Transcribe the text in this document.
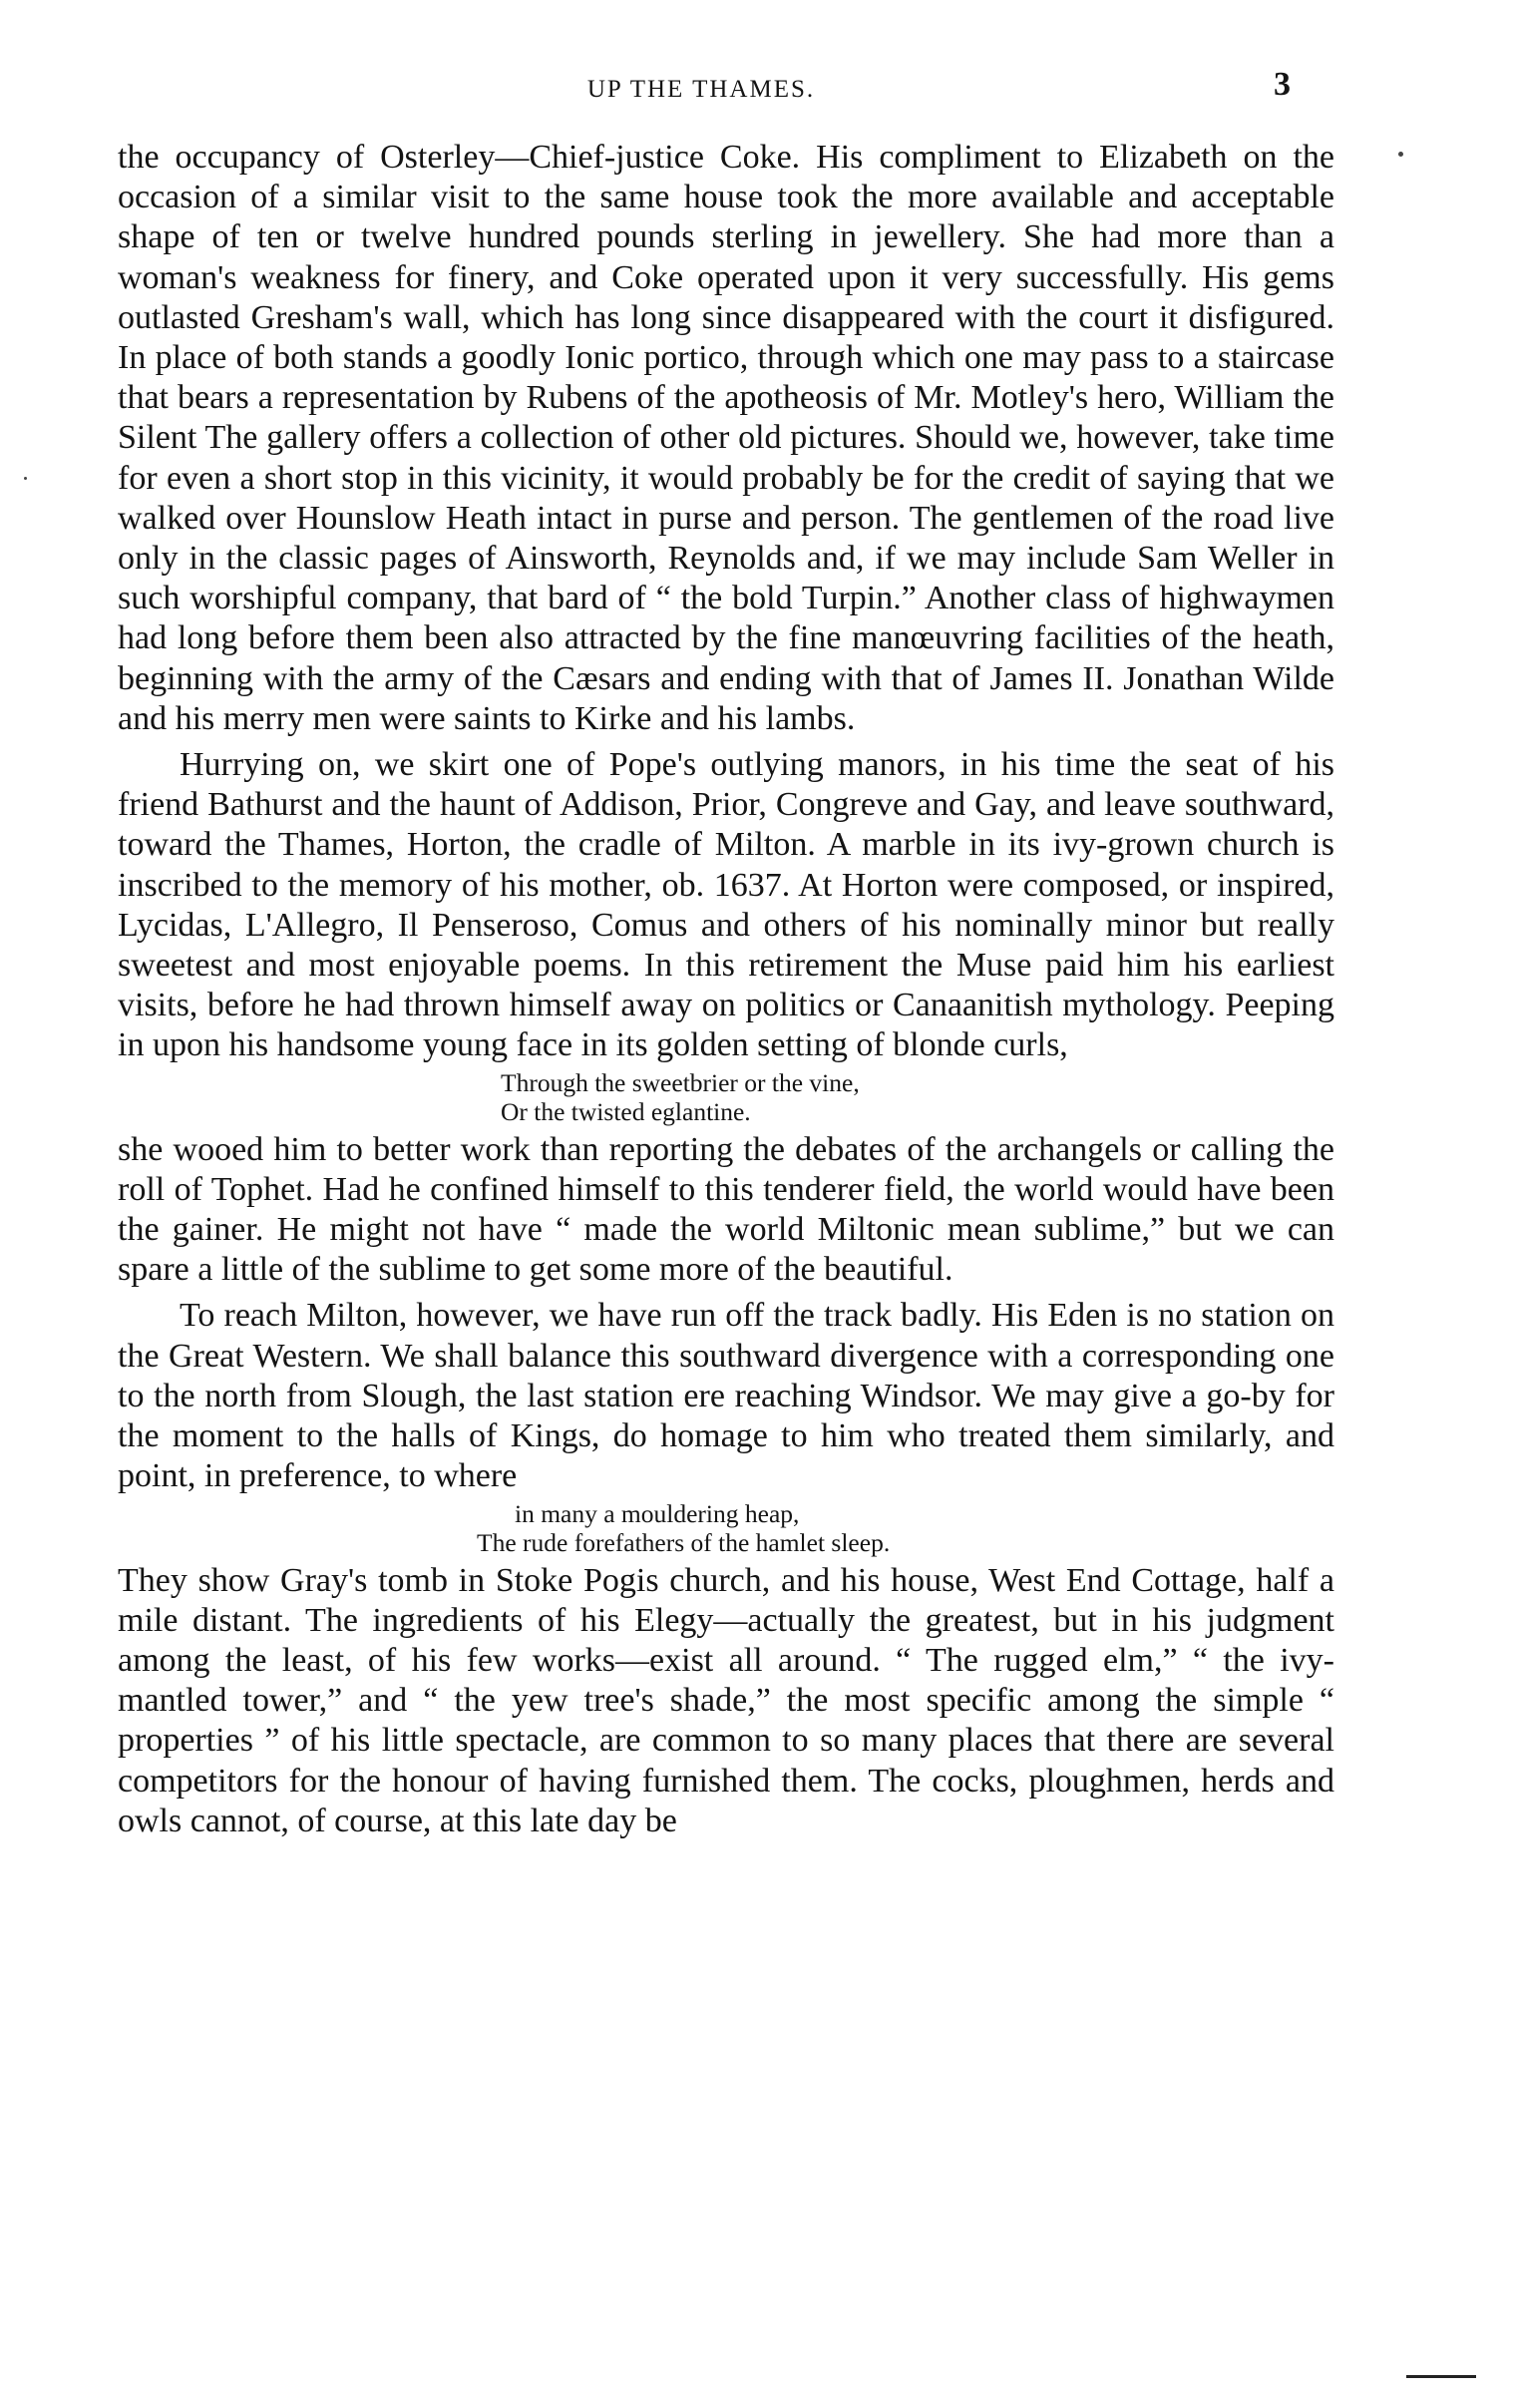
UP THE THAMES.	3

the occupancy of Osterley—Chief-justice Coke. His compliment to Elizabeth on the occasion of a similar visit to the same house took the more available and acceptable shape of ten or twelve hundred pounds sterling in jewellery. She had more than a woman's weakness for finery, and Coke operated upon it very successfully. His gems outlasted Gresham's wall, which has long since disappeared with the court it disfigured. In place of both stands a goodly Ionic portico, through which one may pass to a staircase that bears a representation by Rubens of the apotheosis of Mr. Motley's hero, William the Silent The gallery offers a collection of other old pictures. Should we, however, take time for even a short stop in this vicinity, it would probably be for the credit of saying that we walked over Hounslow Heath intact in purse and person. The gentlemen of the road live only in the classic pages of Ainsworth, Reynolds and, if we may include Sam Weller in such worshipful company, that bard of “ the bold Turpin.” Another class of highwaymen had long before them been also attracted by the fine manœuvring facilities of the heath, beginning with the army of the Cæsars and ending with that of James II. Jonathan Wilde and his merry men were saints to Kirke and his lambs.

Hurrying on, we skirt one of Pope's outlying manors, in his time the seat of his friend Bathurst and the haunt of Addison, Prior, Congreve and Gay, and leave southward, toward the Thames, Horton, the cradle of Milton. A marble in its ivy-grown church is inscribed to the memory of his mother, ob. 1637. At Horton were composed, or inspired, Lycidas, L'Allegro, Il Penseroso, Comus and others of his nominally minor but really sweetest and most enjoyable poems. In this retirement the Muse paid him his earliest visits, before he had thrown himself away on politics or Canaanitish mythology. Peeping in upon his handsome young face in its golden setting of blonde curls,

Through the sweetbrier or the vine,
Or the twisted eglantine.

she wooed him to better work than reporting the debates of the archangels or calling the roll of Tophet. Had he confined himself to this tenderer field, the world would have been the gainer. He might not have “ made the world Miltonic mean sublime,” but we can spare a little of the sublime to get some more of the beautiful.

To reach Milton, however, we have run off the track badly. His Eden is no station on the Great Western. We shall balance this southward divergence with a corresponding one to the north from Slough, the last station ere reaching Windsor. We may give a go-by for the moment to the halls of Kings, do homage to him who treated them similarly, and point, in preference, to where

in many a mouldering heap,
The rude forefathers of the hamlet sleep.

They show Gray's tomb in Stoke Pogis church, and his house, West End Cottage, half a mile distant. The ingredients of his Elegy—actually the greatest, but in his judgment among the least, of his few works—exist all around. “ The rugged elm,” “ the ivy-mantled tower,” and “ the yew tree's shade,” the most specific among the simple “ properties ” of his little spectacle, are common to so many places that there are several competitors for the honour of having furnished them. The cocks, ploughmen, herds and owls cannot, of course, at this late day be
